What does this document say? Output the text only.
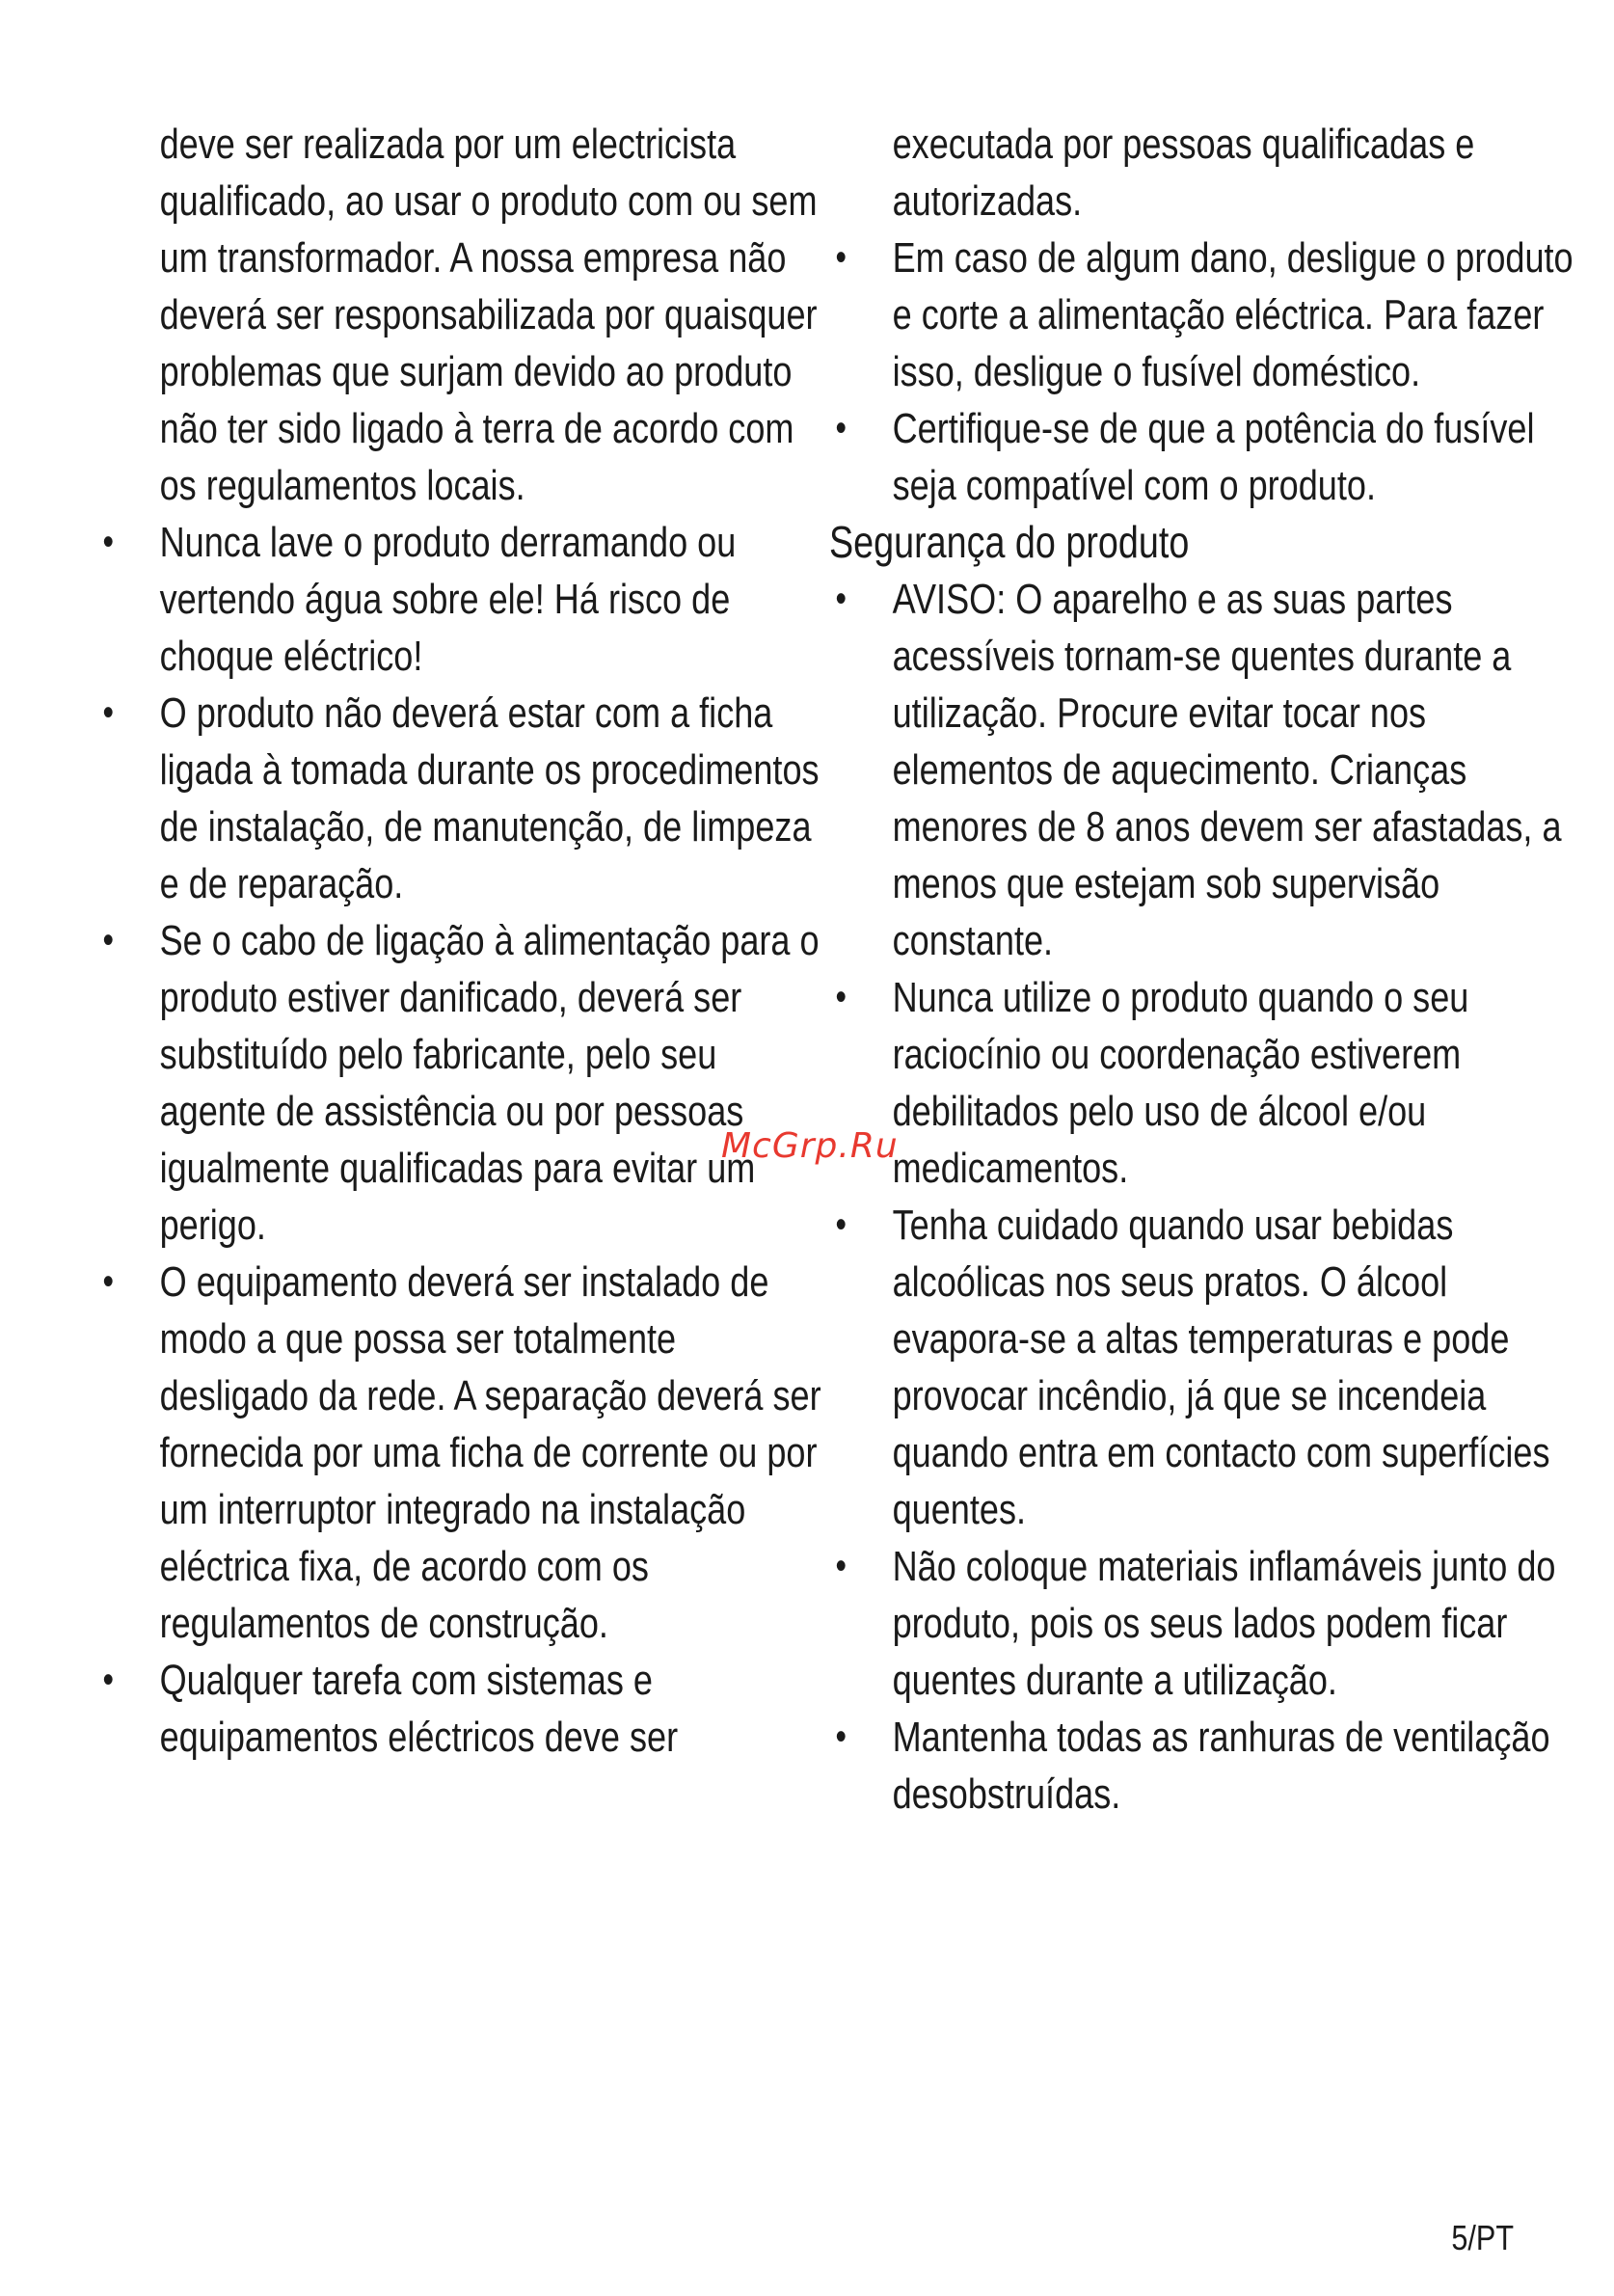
deve ser realizada por um electricista qualificado, ao usar o produto com ou sem um transformador. A nossa empresa não deverá ser responsabilizada por quaisquer problemas que surjam devido ao produto não ter sido ligado à terra de acordo com os regulamentos locais.
• Nunca lave o produto derramando ou vertendo água sobre ele! Há risco de choque eléctrico!
• O produto não deverá estar com a ficha ligada à tomada durante os procedimentos de instalação, de manutenção, de limpeza e de reparação.
• Se o cabo de ligação à alimentação para o produto estiver danificado, deverá ser substituído pelo fabricante, pelo seu agente de assistência ou por pessoas igualmente qualificadas para evitar um perigo.
• O equipamento deverá ser instalado de modo a que possa ser totalmente desligado da rede. A separação deverá ser fornecida por uma ficha de corrente ou por um interruptor integrado na instalação eléctrica fixa, de acordo com os regulamentos de construção.
• Qualquer tarefa com sistemas e equipamentos eléctricos deve ser
executada por pessoas qualificadas e autorizadas.
• Em caso de algum dano, desligue o produto e corte a alimentação eléctrica. Para fazer isso, desligue o fusível doméstico.
• Certifique-se de que a potência do fusível seja compatível com o produto.
Segurança do produto
• AVISO: O aparelho e as suas partes acessíveis tornam-se quentes durante a utilização. Procure evitar tocar nos elementos de aquecimento. Crianças menores de 8 anos devem ser afastadas, a menos que estejam sob supervisão constante.
• Nunca utilize o produto quando o seu raciocínio ou coordenação estiverem debilitados pelo uso de álcool e/ou medicamentos.
• Tenha cuidado quando usar bebidas alcoólicas nos seus pratos. O álcool evapora-se a altas temperaturas e pode provocar incêndio, já que se incendeia quando entra em contacto com superfícies quentes.
• Não coloque materiais inflamáveis junto do produto, pois os seus lados podem ficar quentes durante a utilização.
• Mantenha todas as ranhuras de ventilação desobstruídas.
McGrp.Ru
5/PT
